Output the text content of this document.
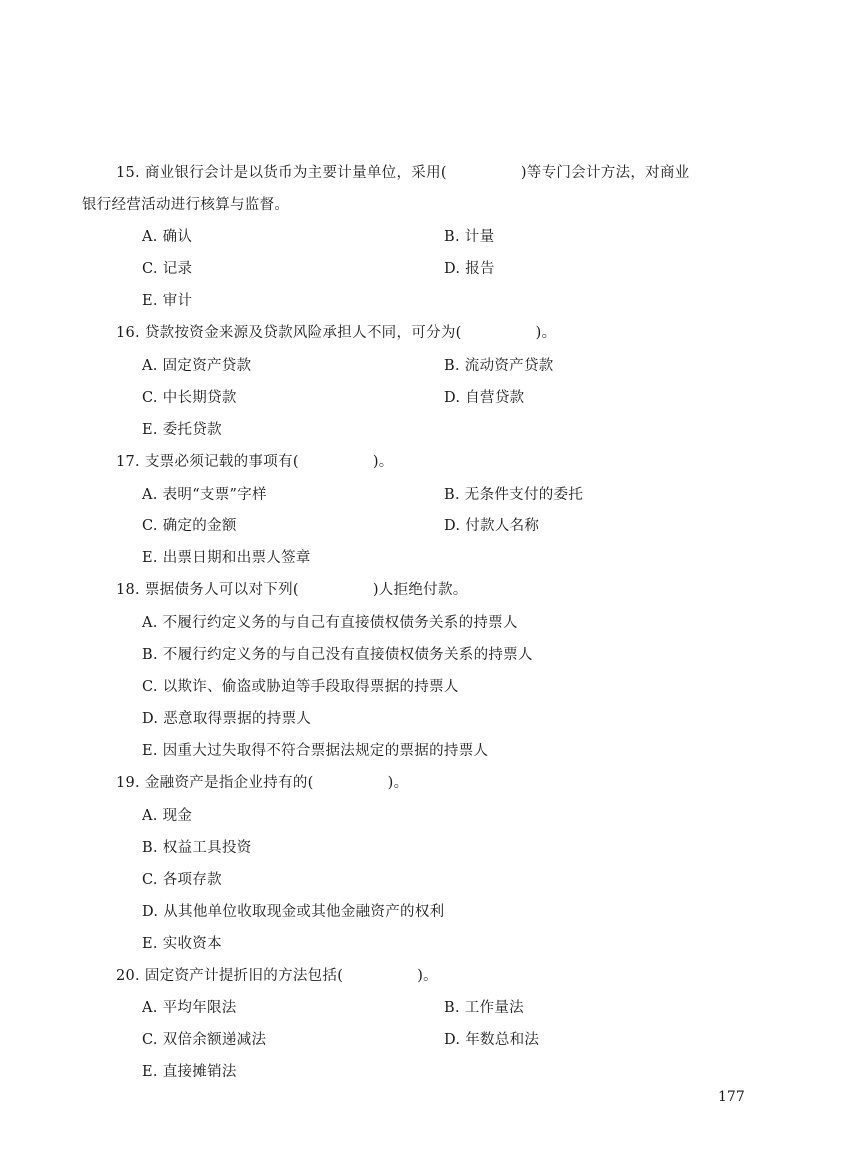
15. 商业银行会计是以货币为主要计量单位，采用(　　　　　)等专门会计方法，对商业
银行经营活动进行核算与监督。
A. 确认	B. 计量
C. 记录	D. 报告
E. 审计
16. 贷款按资金来源及贷款风险承担人不同，可分为(　　　　　)。
A. 固定资产贷款	B. 流动资产贷款
C. 中长期贷款	D. 自营贷款
E. 委托贷款
17. 支票必须记载的事项有(　　　　　)。
A. 表明“支票”字样	B. 无条件支付的委托
C. 确定的金额	D. 付款人名称
E. 出票日期和出票人签章
18. 票据债务人可以对下列(　　　　　)人拒绝付款。
A. 不履行约定义务的与自己有直接债权债务关系的持票人
B. 不履行约定义务的与自己没有直接债权债务关系的持票人
C. 以欺诈、偷盗或胁迫等手段取得票据的持票人
D. 恶意取得票据的持票人
E. 因重大过失取得不符合票据法规定的票据的持票人
19. 金融资产是指企业持有的(　　　　　)。
A. 现金
B. 权益工具投资
C. 各项存款
D. 从其他单位收取现金或其他金融资产的权利
E. 实收资本
20. 固定资产计提折旧的方法包括(　　　　　)。
A. 平均年限法	B. 工作量法
C. 双倍余额递减法	D. 年数总和法
E. 直接摊销法
177
